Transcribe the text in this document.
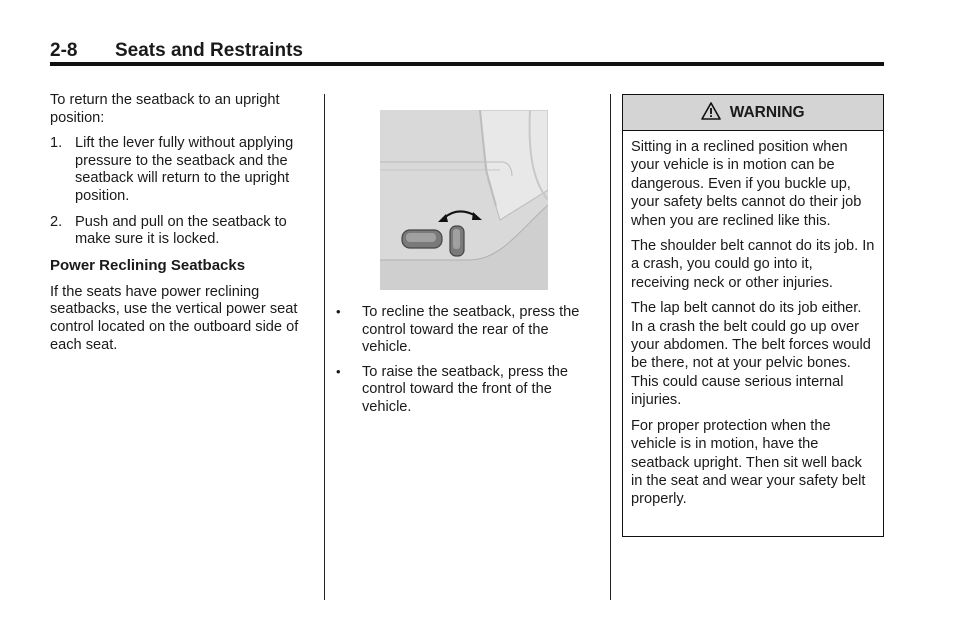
2-8 Seats and Restraints

To return the seatback to an upright position:

1. Lift the lever fully without applying pressure to the seatback and the seatback will return to the upright position.
2. Push and pull on the seatback to make sure it is locked.
Power Reclining Seatbacks

If the seats have power reclining seatbacks, use the vertical power seat control located on the outboard side of each seat.

• To recline the seatback, press the control toward the rear of the vehicle.
• To raise the seatback, press the control toward the front of the vehicle.
WARNING

Sitting in a reclined position when your vehicle is in motion can be dangerous. Even if you buckle up, your safety belts cannot do their job when you are reclined like this.

The shoulder belt cannot do its job. In a crash, you could go into it, receiving neck or other injuries.

The lap belt cannot do its job either. In a crash the belt could go up over your abdomen. The belt forces would be there, not at your pelvic bones. This could cause serious internal injuries.

For proper protection when the vehicle is in motion, have the seatback upright. Then sit well back in the seat and wear your safety belt properly.
